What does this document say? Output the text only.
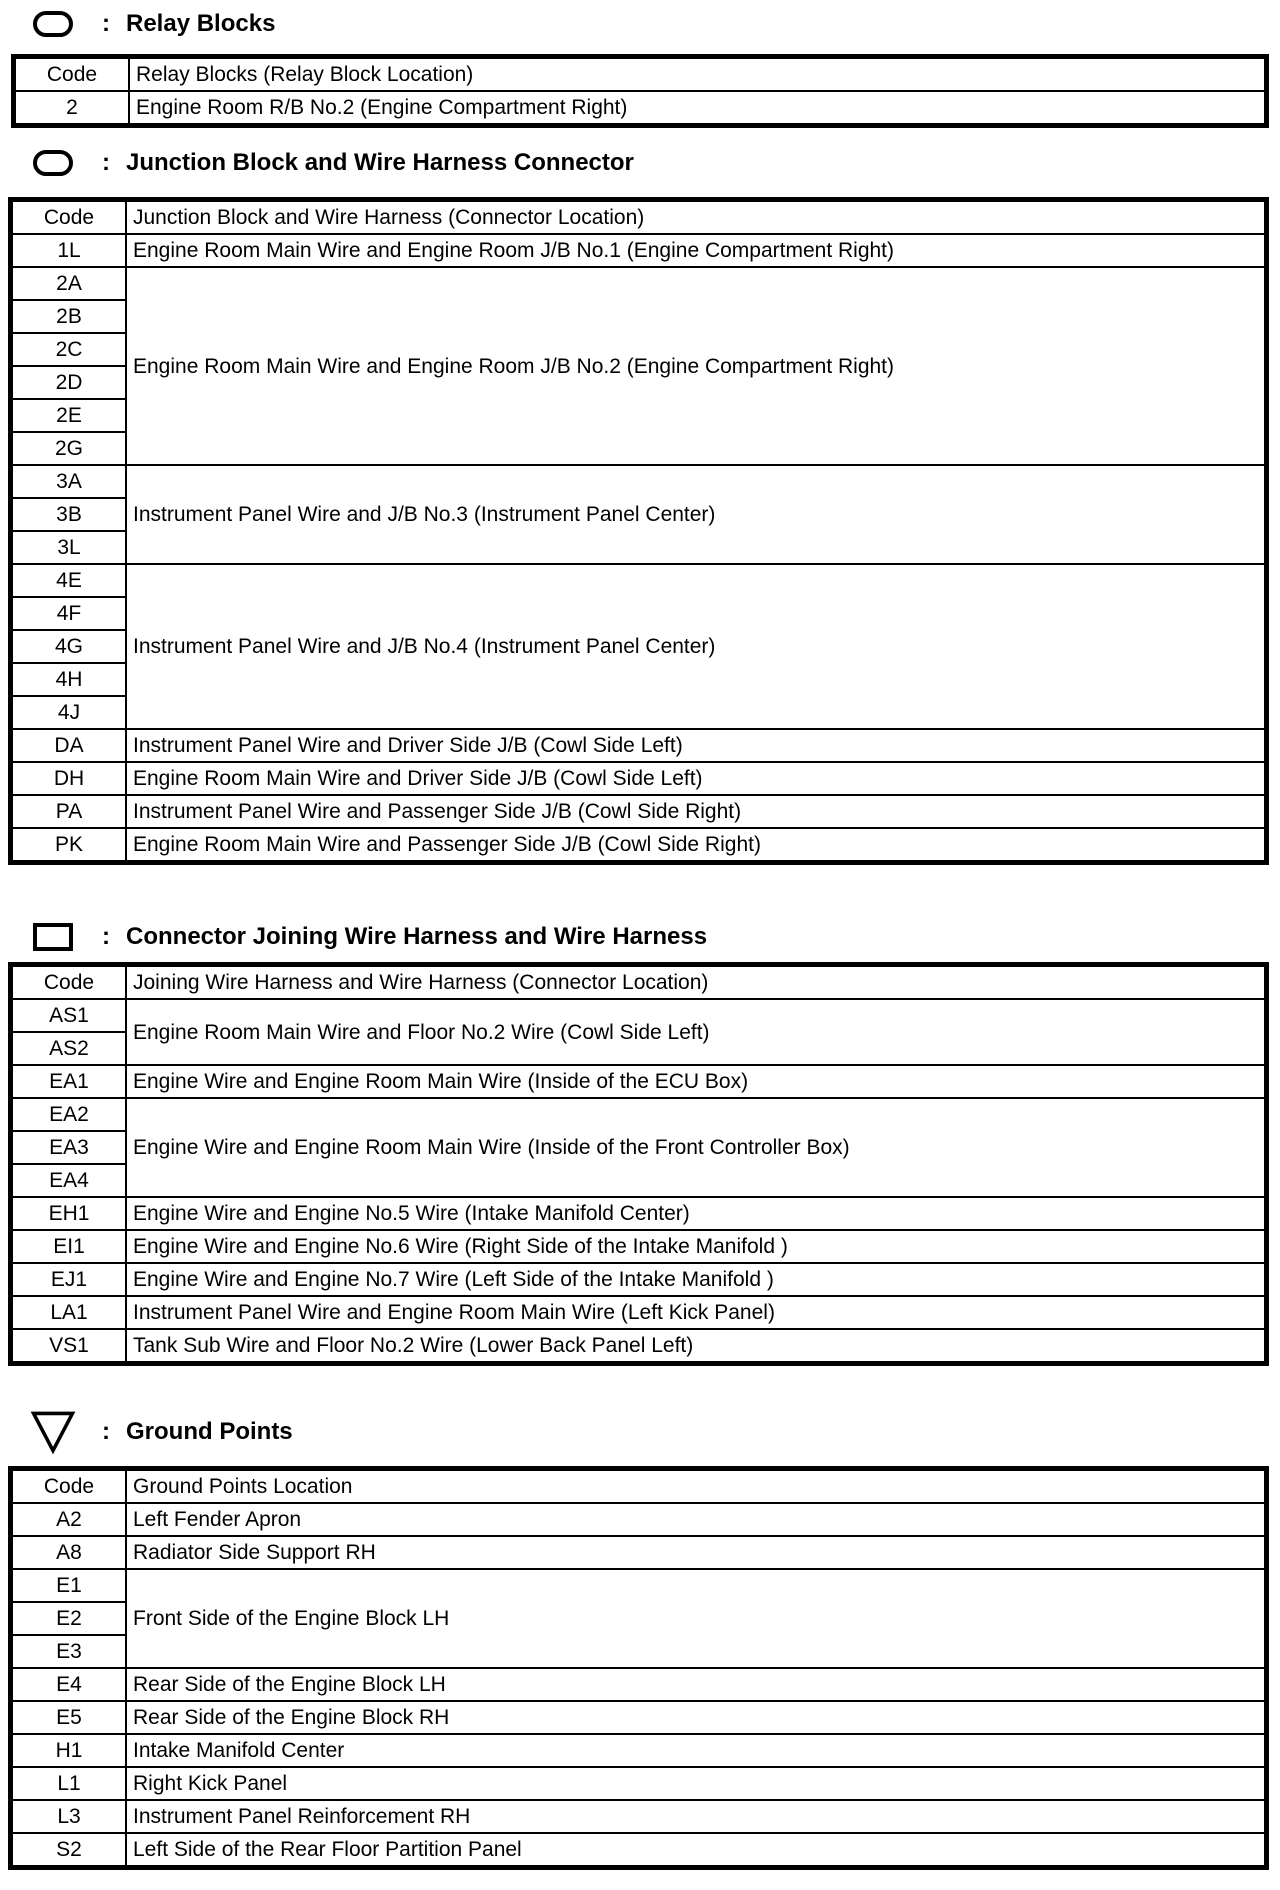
: Relay Blocks
: Junction Block and Wire Harness Connector
: Connector Joining Wire Harness and Wire Harness
: Ground Points
Code	Relay Blocks (Relay Block Location)
2	Engine Room R/B No.2 (Engine Compartment Right)
Code	Junction Block and Wire Harness (Connector Location)
1L	Engine Room Main Wire and Engine Room J/B No.1 (Engine Compartment Right)
2A	Engine Room Main Wire and Engine Room J/B No.2 (Engine Compartment Right)
2B	
2C	
2D	
2E	
2G	
3A	Instrument Panel Wire and J/B No.3 (Instrument Panel Center)
3B	
3L	
4E	Instrument Panel Wire and J/B No.4 (Instrument Panel Center)
4F	
4G	
4H	
4J	
DA	Instrument Panel Wire and Driver Side J/B (Cowl Side Left)
DH	Engine Room Main Wire and Driver Side J/B (Cowl Side Left)
PA	Instrument Panel Wire and Passenger Side J/B (Cowl Side Right)
PK	Engine Room Main Wire and Passenger Side J/B (Cowl Side Right)
Code	Joining Wire Harness and Wire Harness (Connector Location)
AS1	Engine Room Main Wire and Floor No.2 Wire (Cowl Side Left)
AS2	
EA1	Engine Wire and Engine Room Main Wire (Inside of the ECU Box)
EA2	Engine Wire and Engine Room Main Wire (Inside of the Front Controller Box)
EA3	
EA4	
EH1	Engine Wire and Engine No.5 Wire (Intake Manifold Center)
EI1	Engine Wire and Engine No.6 Wire (Right Side of the Intake Manifold )
EJ1	Engine Wire and Engine No.7 Wire (Left Side of the Intake Manifold )
LA1	Instrument Panel Wire and Engine Room Main Wire (Left Kick Panel)
VS1	Tank Sub Wire and Floor No.2 Wire (Lower Back Panel Left)
Code	Ground Points Location
A2	Left Fender Apron
A8	Radiator Side Support RH
E1	Front Side of the Engine Block LH
E2	
E3	
E4	Rear Side of the Engine Block LH
E5	Rear Side of the Engine Block RH
H1	Intake Manifold Center
L1	Right Kick Panel
L3	Instrument Panel Reinforcement RH
S2	Left Side of the Rear Floor Partition Panel
